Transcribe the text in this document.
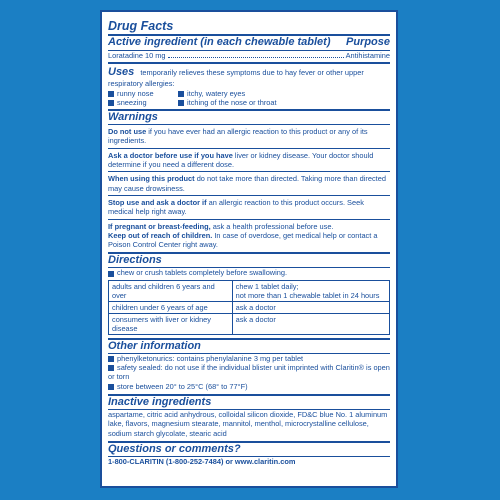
Drug Facts
Active ingredient (in each chewable tablet) Purpose
Loratadine 10 mg	Antihistamine
Uses temporarily relieves these symptoms due to hay fever or other upper respiratory allergies:
runny nose	itchy, watery eyes
sneezing	itching of the nose or throat
Warnings
Do not use if you have ever had an allergic reaction to this product or any of its ingredients.
Ask a doctor before use if you have liver or kidney disease. Your doctor should determine if you need a different dose.
When using this product do not take more than directed. Taking more than directed may cause drowsiness.
Stop use and ask a doctor if an allergic reaction to this product occurs. Seek medical help right away.
If pregnant or breast-feeding, ask a health professional before use.
Keep out of reach of children. In case of overdose, get medical help or contact a Poison Control Center right away.
Directions
chew or crush tablets completely before swallowing.
adults and children 6 years and over	chew 1 tablet daily;
not more than 1 chewable tablet in 24 hours
children under 6 years of age	ask a doctor
consumers with liver or kidney disease	ask a doctor
Other information
phenylketonurics: contains phenylalanine 3 mg per tablet
safety sealed: do not use if the individual blister unit imprinted with Claritin® is open or torn
store between 20° to 25°C (68° to 77°F)
Inactive ingredients
aspartame, citric acid anhydrous, colloidal silicon dioxide, FD&C blue No. 1 aluminum lake, flavors, magnesium stearate, mannitol, menthol, microcrystalline cellulose, sodium starch glycolate, stearic acid
Questions or comments?
1-800-CLARITIN (1-800-252-7484) or www.claritin.com
